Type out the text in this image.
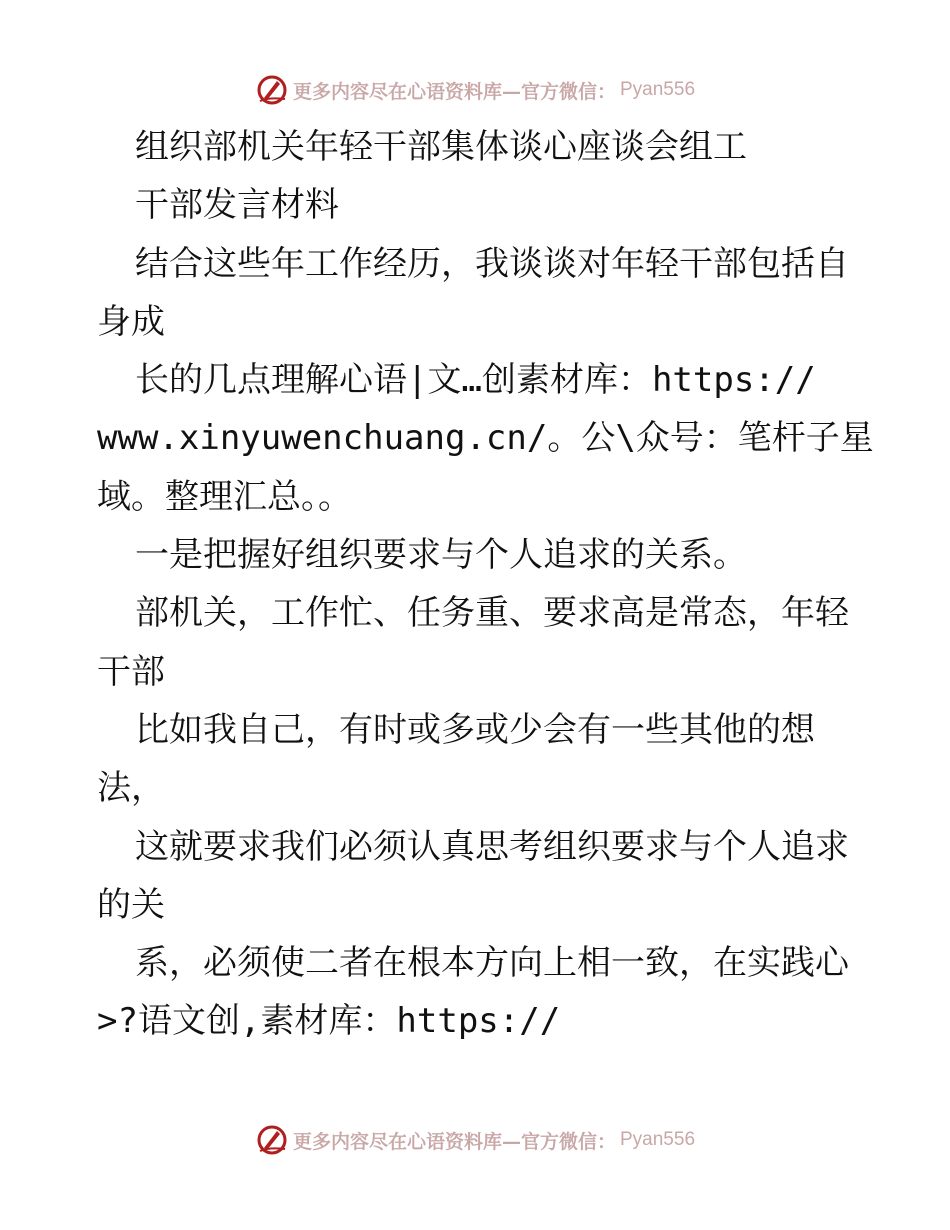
更多内容尽在心语资料库—官方微信： Pyan556
组织部机关年轻干部集体谈心座谈会组工
干部发言材料
结合这些年工作经历，我谈谈对年轻干部包括自
身成
长的几点理解心语|文…创素材库：https://
www.xinyuwenchuang.cn/。公\众号：笔杆子星
域。整理汇总。。
一是把握好组织要求与个人追求的关系。
部机关，工作忙、任务重、要求高是常态，年轻
干部
比如我自己，有时或多或少会有一些其他的想
法，
这就要求我们必须认真思考组织要求与个人追求
的关
系，必须使二者在根本方向上相一致，在实践心
>?语文创,素材库：https://
更多内容尽在心语资料库—官方微信： Pyan556
